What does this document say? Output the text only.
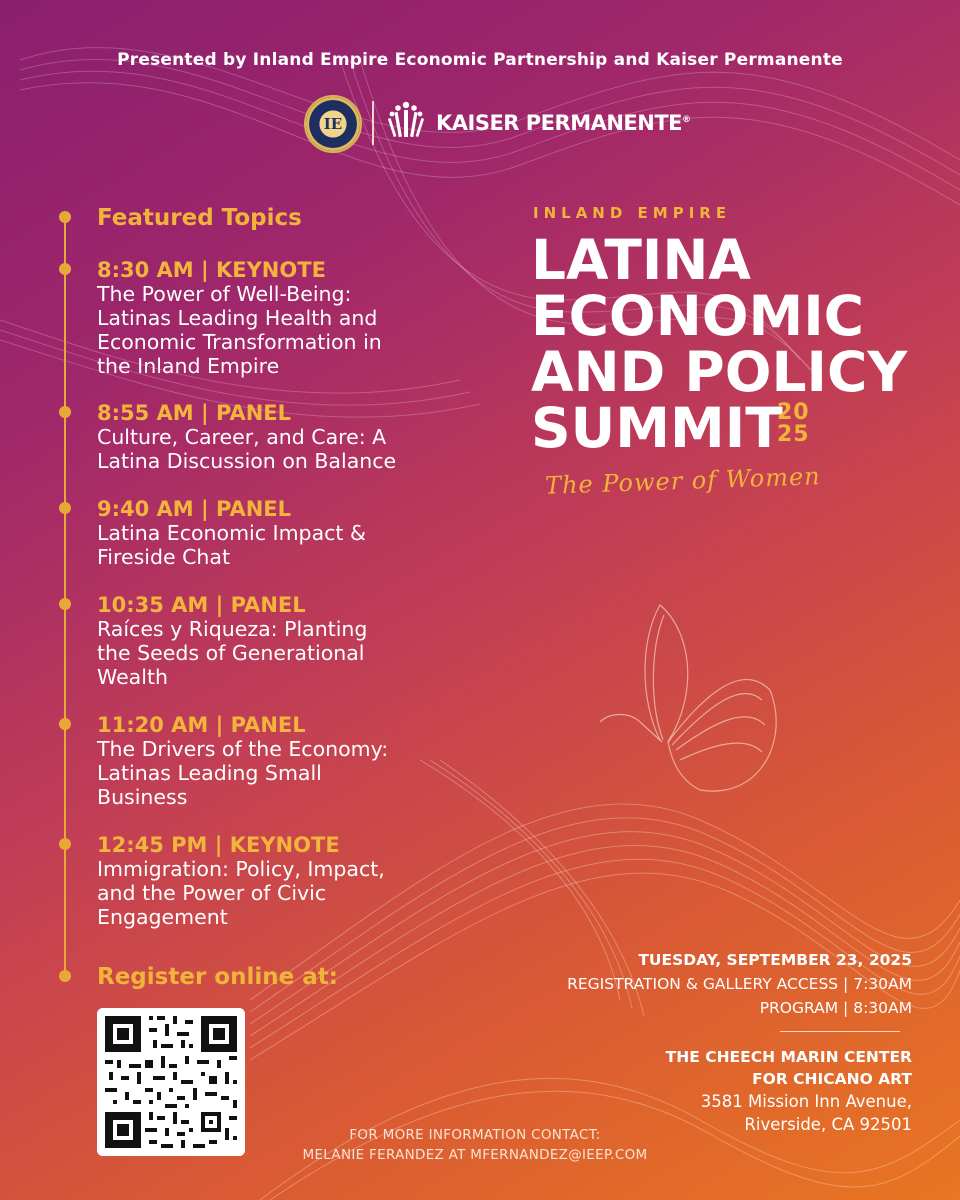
Presented by Inland Empire Economic Partnership and Kaiser Permanente
IE	KAISER PERMANENTE®
Featured Topics
8:30 AM | KEYNOTE
The Power of Well-Being:
Latinas Leading Health and
Economic Transformation in
the Inland Empire
8:55 AM | PANEL
Culture, Career, and Care: A
Latina Discussion on Balance
9:40 AM | PANEL
Latina Economic Impact &
Fireside Chat
10:35 AM | PANEL
Raíces y Riqueza: Planting
the Seeds of Generational
Wealth
11:20 AM | PANEL
The Drivers of the Economy:
Latinas Leading Small
Business
12:45 PM | KEYNOTE
Immigration: Policy, Impact,
and the Power of Civic
Engagement
Register online at:
INLAND EMPIRE
LATINA
ECONOMIC
AND POLICY
SUMMIT
20
25
The Power of Women
TUESDAY, SEPTEMBER 23, 2025
REGISTRATION & GALLERY ACCESS | 7:30AM
PROGRAM | 8:30AM
THE CHEECH MARIN CENTER
FOR CHICANO ART
3581 Mission Inn Avenue,
Riverside, CA 92501
FOR MORE INFORMATION CONTACT:
MELANIE FERANDEZ AT MFERNANDEZ@IEEP.COM
